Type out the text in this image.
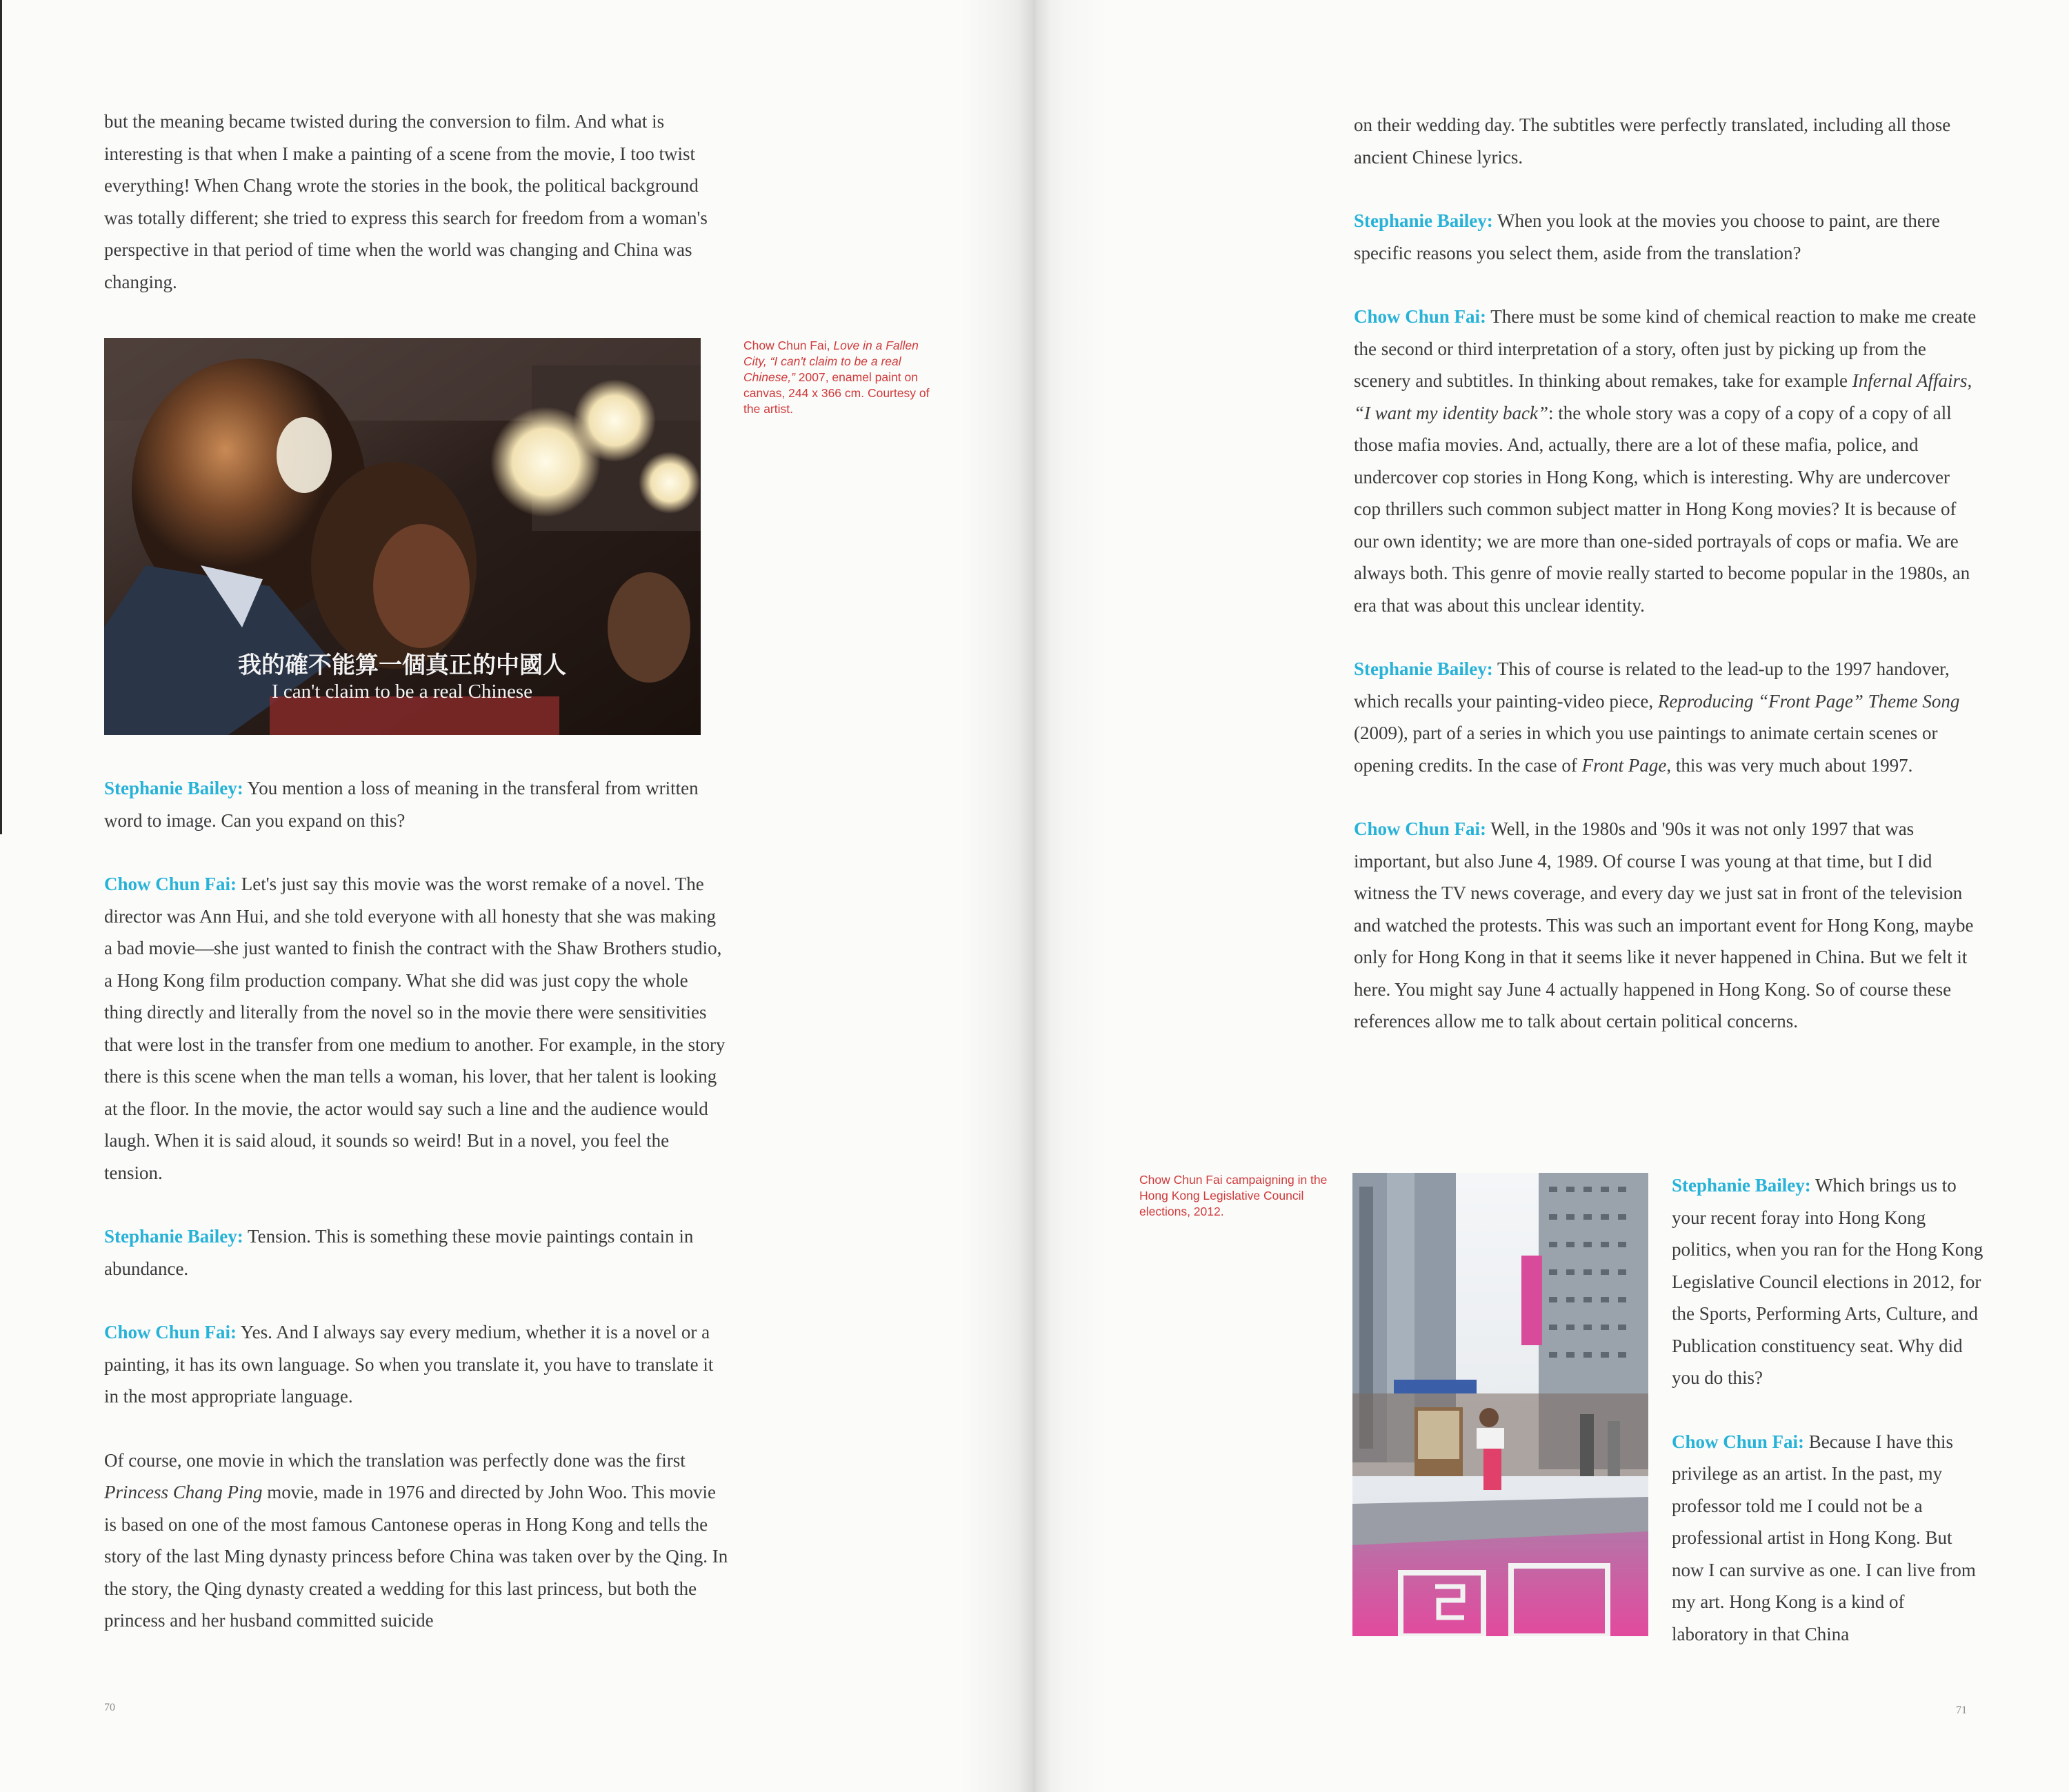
but the meaning became twisted during the conversion to film. And what is interesting is that when I make a painting of a scene from the movie, I too twist everything! When Chang wrote the stories in the book, the political background was totally different; she tried to express this search for freedom from a woman's perspective in that period of time when the world was changing and China was changing.

我的確不能算一個真正的中國人
I can't claim to be a real Chinese
Chow Chun Fai, Love in a Fallen City, “I can't claim to be a real Chinese,” 2007, enamel paint on canvas, 244 x 366 cm. Courtesy of the artist.

Stephanie Bailey: You mention a loss of meaning in the transferal from written word to image. Can you expand on this?

Chow Chun Fai: Let's just say this movie was the worst remake of a novel. The director was Ann Hui, and she told everyone with all honesty that she was making a bad movie—she just wanted to finish the contract with the Shaw Brothers studio, a Hong Kong film production company. What she did was just copy the whole thing directly and literally from the novel so in the movie there were sensitivities that were lost in the transfer from one medium to another. For example, in the story there is this scene when the man tells a woman, his lover, that her talent is looking at the floor. In the movie, the actor would say such a line and the audience would laugh. When it is said aloud, it sounds so weird! But in a novel, you feel the tension.

Stephanie Bailey: Tension. This is something these movie paintings contain in abundance.

Chow Chun Fai: Yes. And I always say every medium, whether it is a novel or a painting, it has its own language. So when you translate it, you have to translate it in the most appropriate language.

Of course, one movie in which the translation was perfectly done was the first Princess Chang Ping movie, made in 1976 and directed by John Woo. This movie is based on one of the most famous Cantonese operas in Hong Kong and tells the story of the last Ming dynasty princess before China was taken over by the Qing. In the story, the Qing dynasty created a wedding for this last princess, but both the princess and her husband committed suicide

70

on their wedding day. The subtitles were perfectly translated, including all those ancient Chinese lyrics.

Stephanie Bailey: When you look at the movies you choose to paint, are there specific reasons you select them, aside from the translation?

Chow Chun Fai: There must be some kind of chemical reaction to make me create the second or third interpretation of a story, often just by picking up from the scenery and subtitles. In thinking about remakes, take for example Infernal Affairs, “I want my identity back”: the whole story was a copy of a copy of a copy of all those mafia movies. And, actually, there are a lot of these mafia, police, and undercover cop stories in Hong Kong, which is interesting. Why are undercover cop thrillers such common subject matter in Hong Kong movies? It is because of our own identity; we are more than one-sided portrayals of cops or mafia. We are always both. This genre of movie really started to become popular in the 1980s, an era that was about this unclear identity.

Stephanie Bailey: This of course is related to the lead-up to the 1997 handover, which recalls your painting-video piece, Reproducing “Front Page” Theme Song (2009), part of a series in which you use paintings to animate certain scenes or opening credits. In the case of Front Page, this was very much about 1997.

Chow Chun Fai: Well, in the 1980s and '90s it was not only 1997 that was important, but also June 4, 1989. Of course I was young at that time, but I did witness the TV news coverage, and every day we just sat in front of the television and watched the protests. This was such an important event for Hong Kong, maybe only for Hong Kong in that it seems like it never happened in China. But we felt it here. You might say June 4 actually happened in Hong Kong. So of course these references allow me to talk about certain political concerns.

Chow Chun Fai campaigning in the Hong Kong Legislative Council elections, 2012.

Stephanie Bailey: Which brings us to your recent foray into Hong Kong politics, when you ran for the Hong Kong Legislative Council elections in 2012, for the Sports, Performing Arts, Culture, and Publication constituency seat. Why did you do this?

Chow Chun Fai: Because I have this privilege as an artist. In the past, my professor told me I could not be a professional artist in Hong Kong. But now I can survive as one. I can live from my art. Hong Kong is a kind of laboratory in that China

71
